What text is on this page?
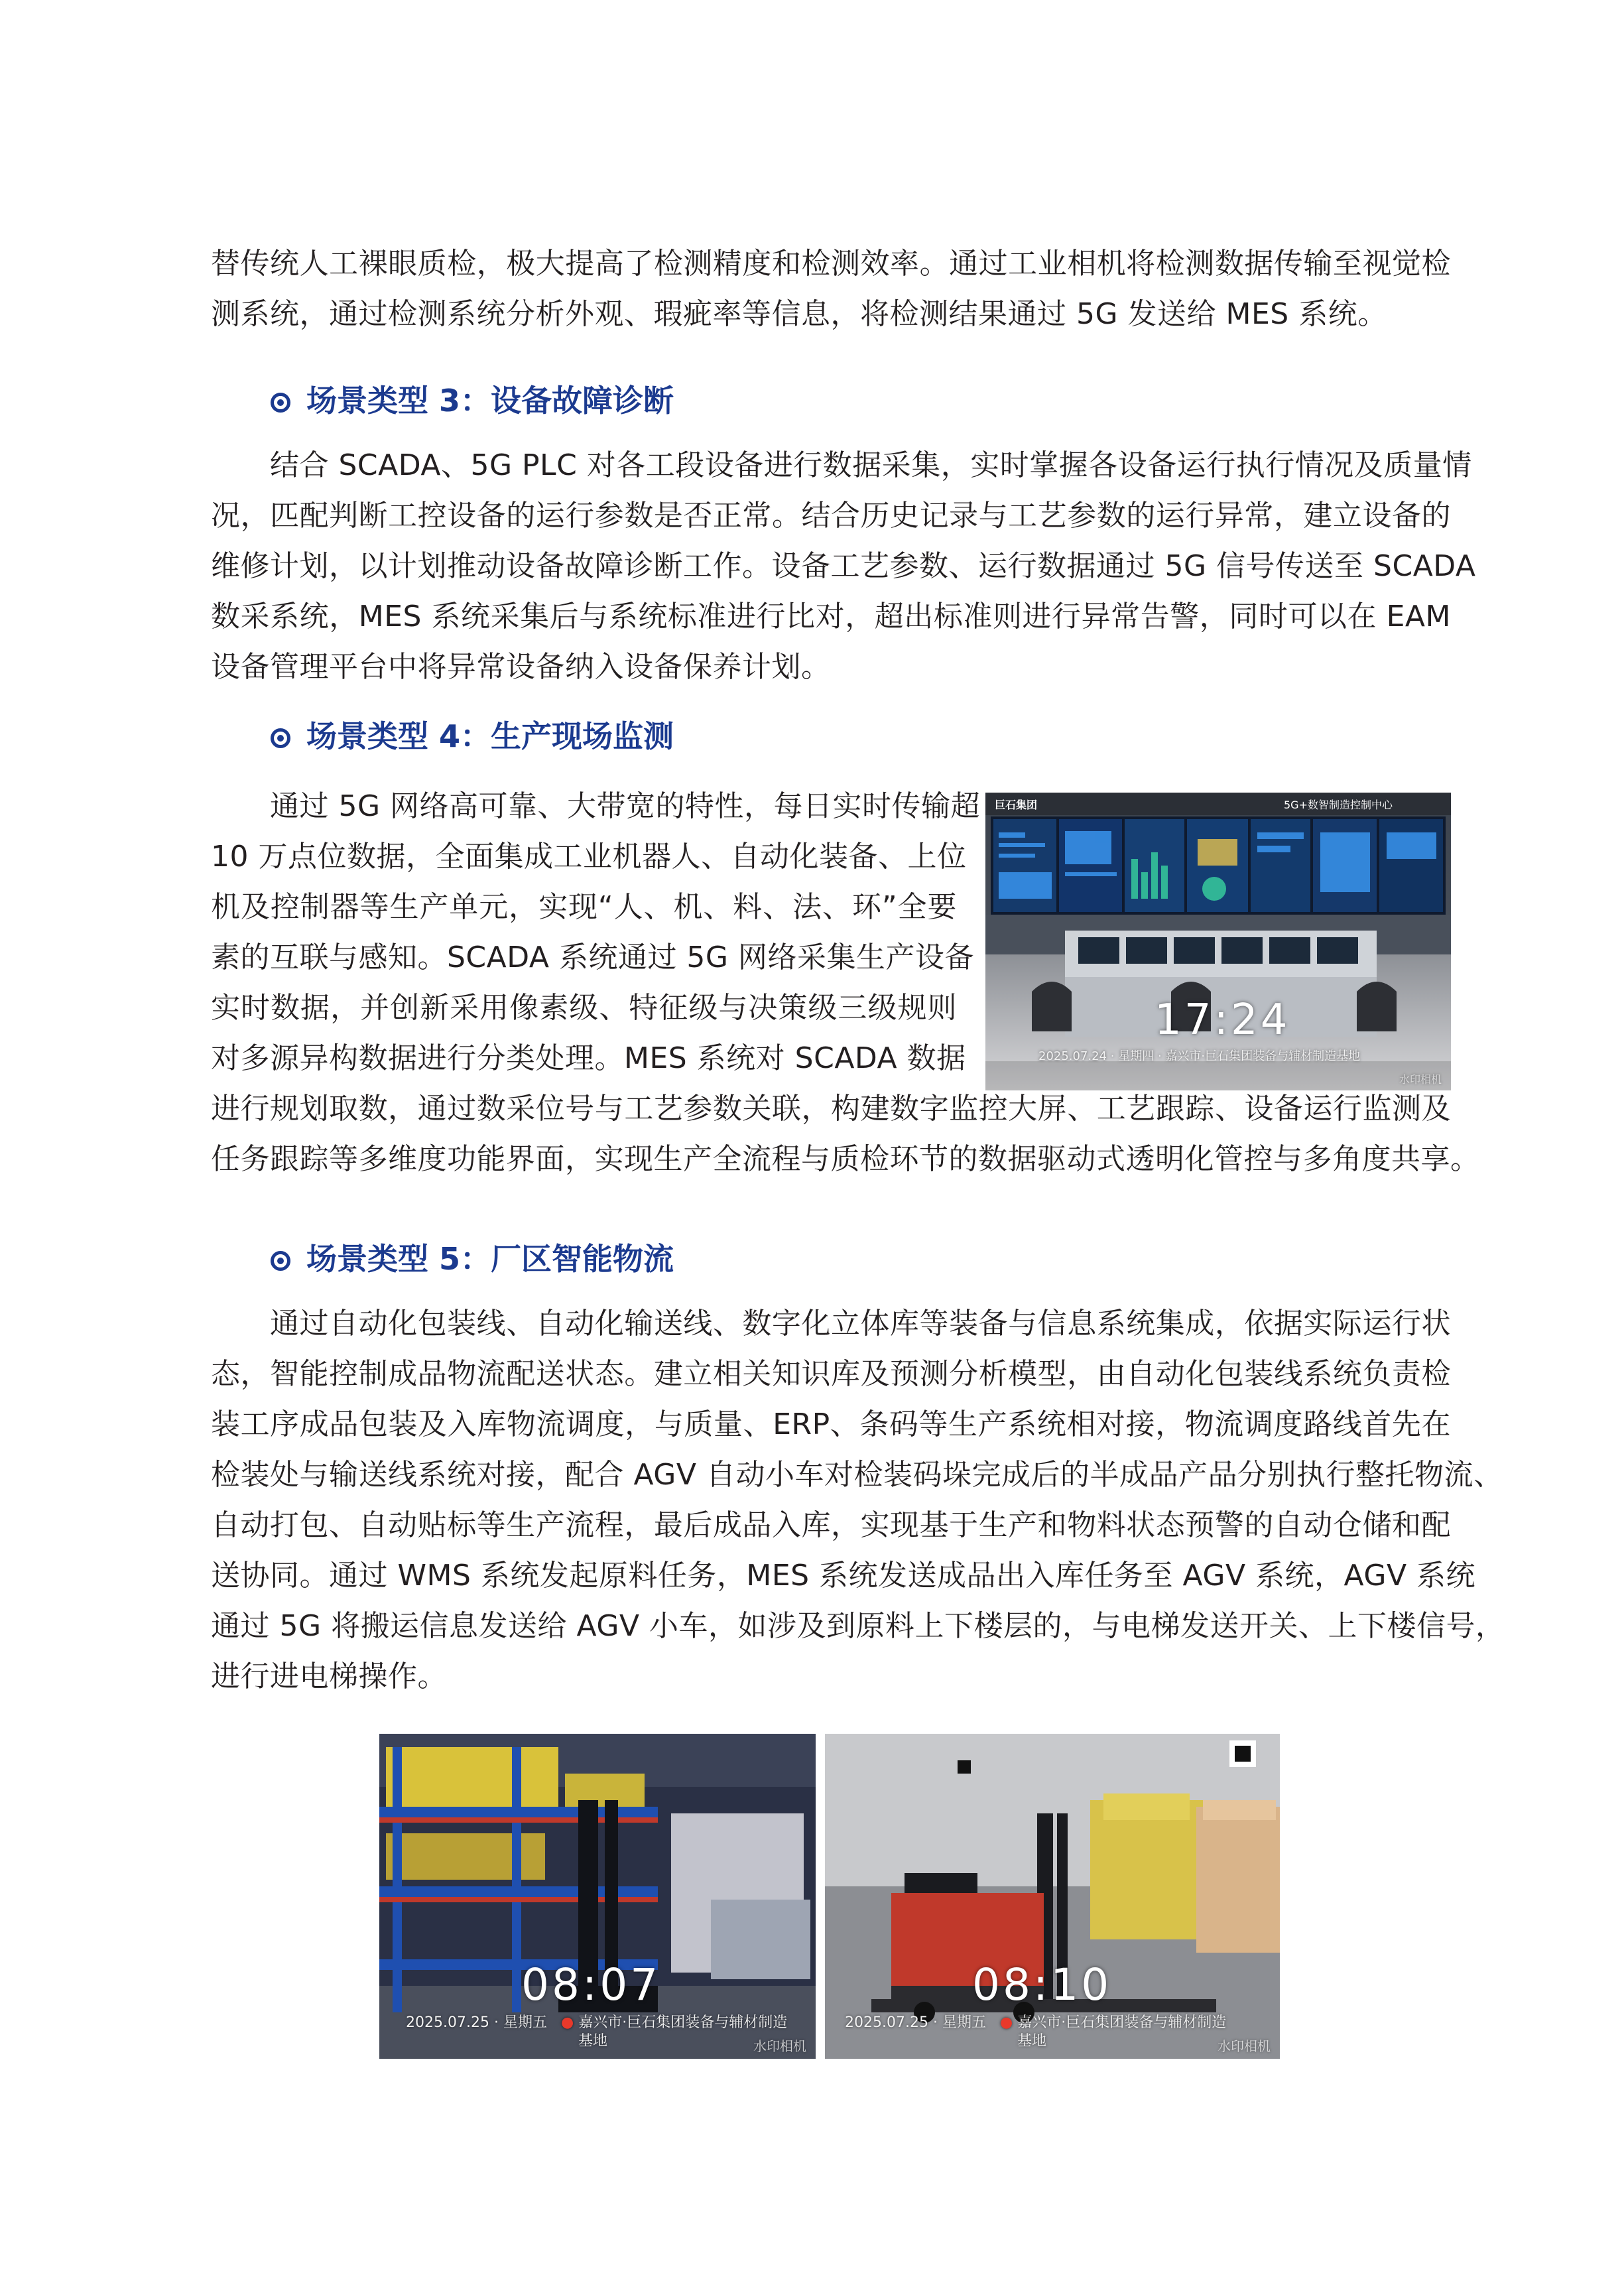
替传统人工裸眼质检，极大提高了检测精度和检测效率。通过工业相机将检测数据传输至视觉检
测系统，通过检测系统分析外观、瑕疵率等信息，将检测结果通过 5G 发送给 MES 系统。

场景类型 3：设备故障诊断

结合 SCADA、5G PLC 对各工段设备进行数据采集，实时掌握各设备运行执行情况及质量情
况，匹配判断工控设备的运行参数是否正常。结合历史记录与工艺参数的运行异常，建立设备的
维修计划，以计划推动设备故障诊断工作。设备工艺参数、运行数据通过 5G 信号传送至 SCADA
数采系统，MES 系统采集后与系统标准进行比对，超出标准则进行异常告警，同时可以在 EAM
设备管理平台中将异常设备纳入设备保养计划。

场景类型 4：生产现场监测

通过 5G 网络高可靠、大带宽的特性，每日实时传输超
10 万点位数据，全面集成工业机器人、自动化装备、上位
机及控制器等生产单元，实现“人、机、料、法、环”全要
素的互联与感知。SCADA 系统通过 5G 网络采集生产设备
实时数据，并创新采用像素级、特征级与决策级三级规则
对多源异构数据进行分类处理。MES 系统对 SCADA 数据

进行规划取数，通过数采位号与工艺参数关联，构建数字监控大屏、工艺跟踪、设备运行监测及
任务跟踪等多维度功能界面，实现生产全流程与质检环节的数据驱动式透明化管控与多角度共享。

巨石集团	5G+数智制造控制中心
17:24
2025.07.24 · 星期四 · 嘉兴市·巨石集团装备与辅材制造基地
水印相机
场景类型 5：厂区智能物流

通过自动化包装线、自动化输送线、数字化立体库等装备与信息系统集成，依据实际运行状
态，智能控制成品物流配送状态。建立相关知识库及预测分析模型，由自动化包装线系统负责检
装工序成品包装及入库物流调度，与质量、ERP、条码等生产系统相对接，物流调度路线首先在
检装处与输送线系统对接，配合 AGV 自动小车对检装码垛完成后的半成品产品分别执行整托物流、
自动打包、自动贴标等生产流程，最后成品入库，实现基于生产和物料状态预警的自动仓储和配
送协同。通过 WMS 系统发起原料任务，MES 系统发送成品出入库任务至 AGV 系统，AGV 系统
通过 5G 将搬运信息发送给 AGV 小车，如涉及到原料上下楼层的，与电梯发送开关、上下楼信号，
进行进电梯操作。

08:07
2025.07.25 · 星期五 ● 嘉兴市·巨石集团装备与辅材制造
基地	水印相机
08:10
2025.07.25 · 星期五 ● 嘉兴市·巨石集团装备与辅材制造
基地	水印相机
